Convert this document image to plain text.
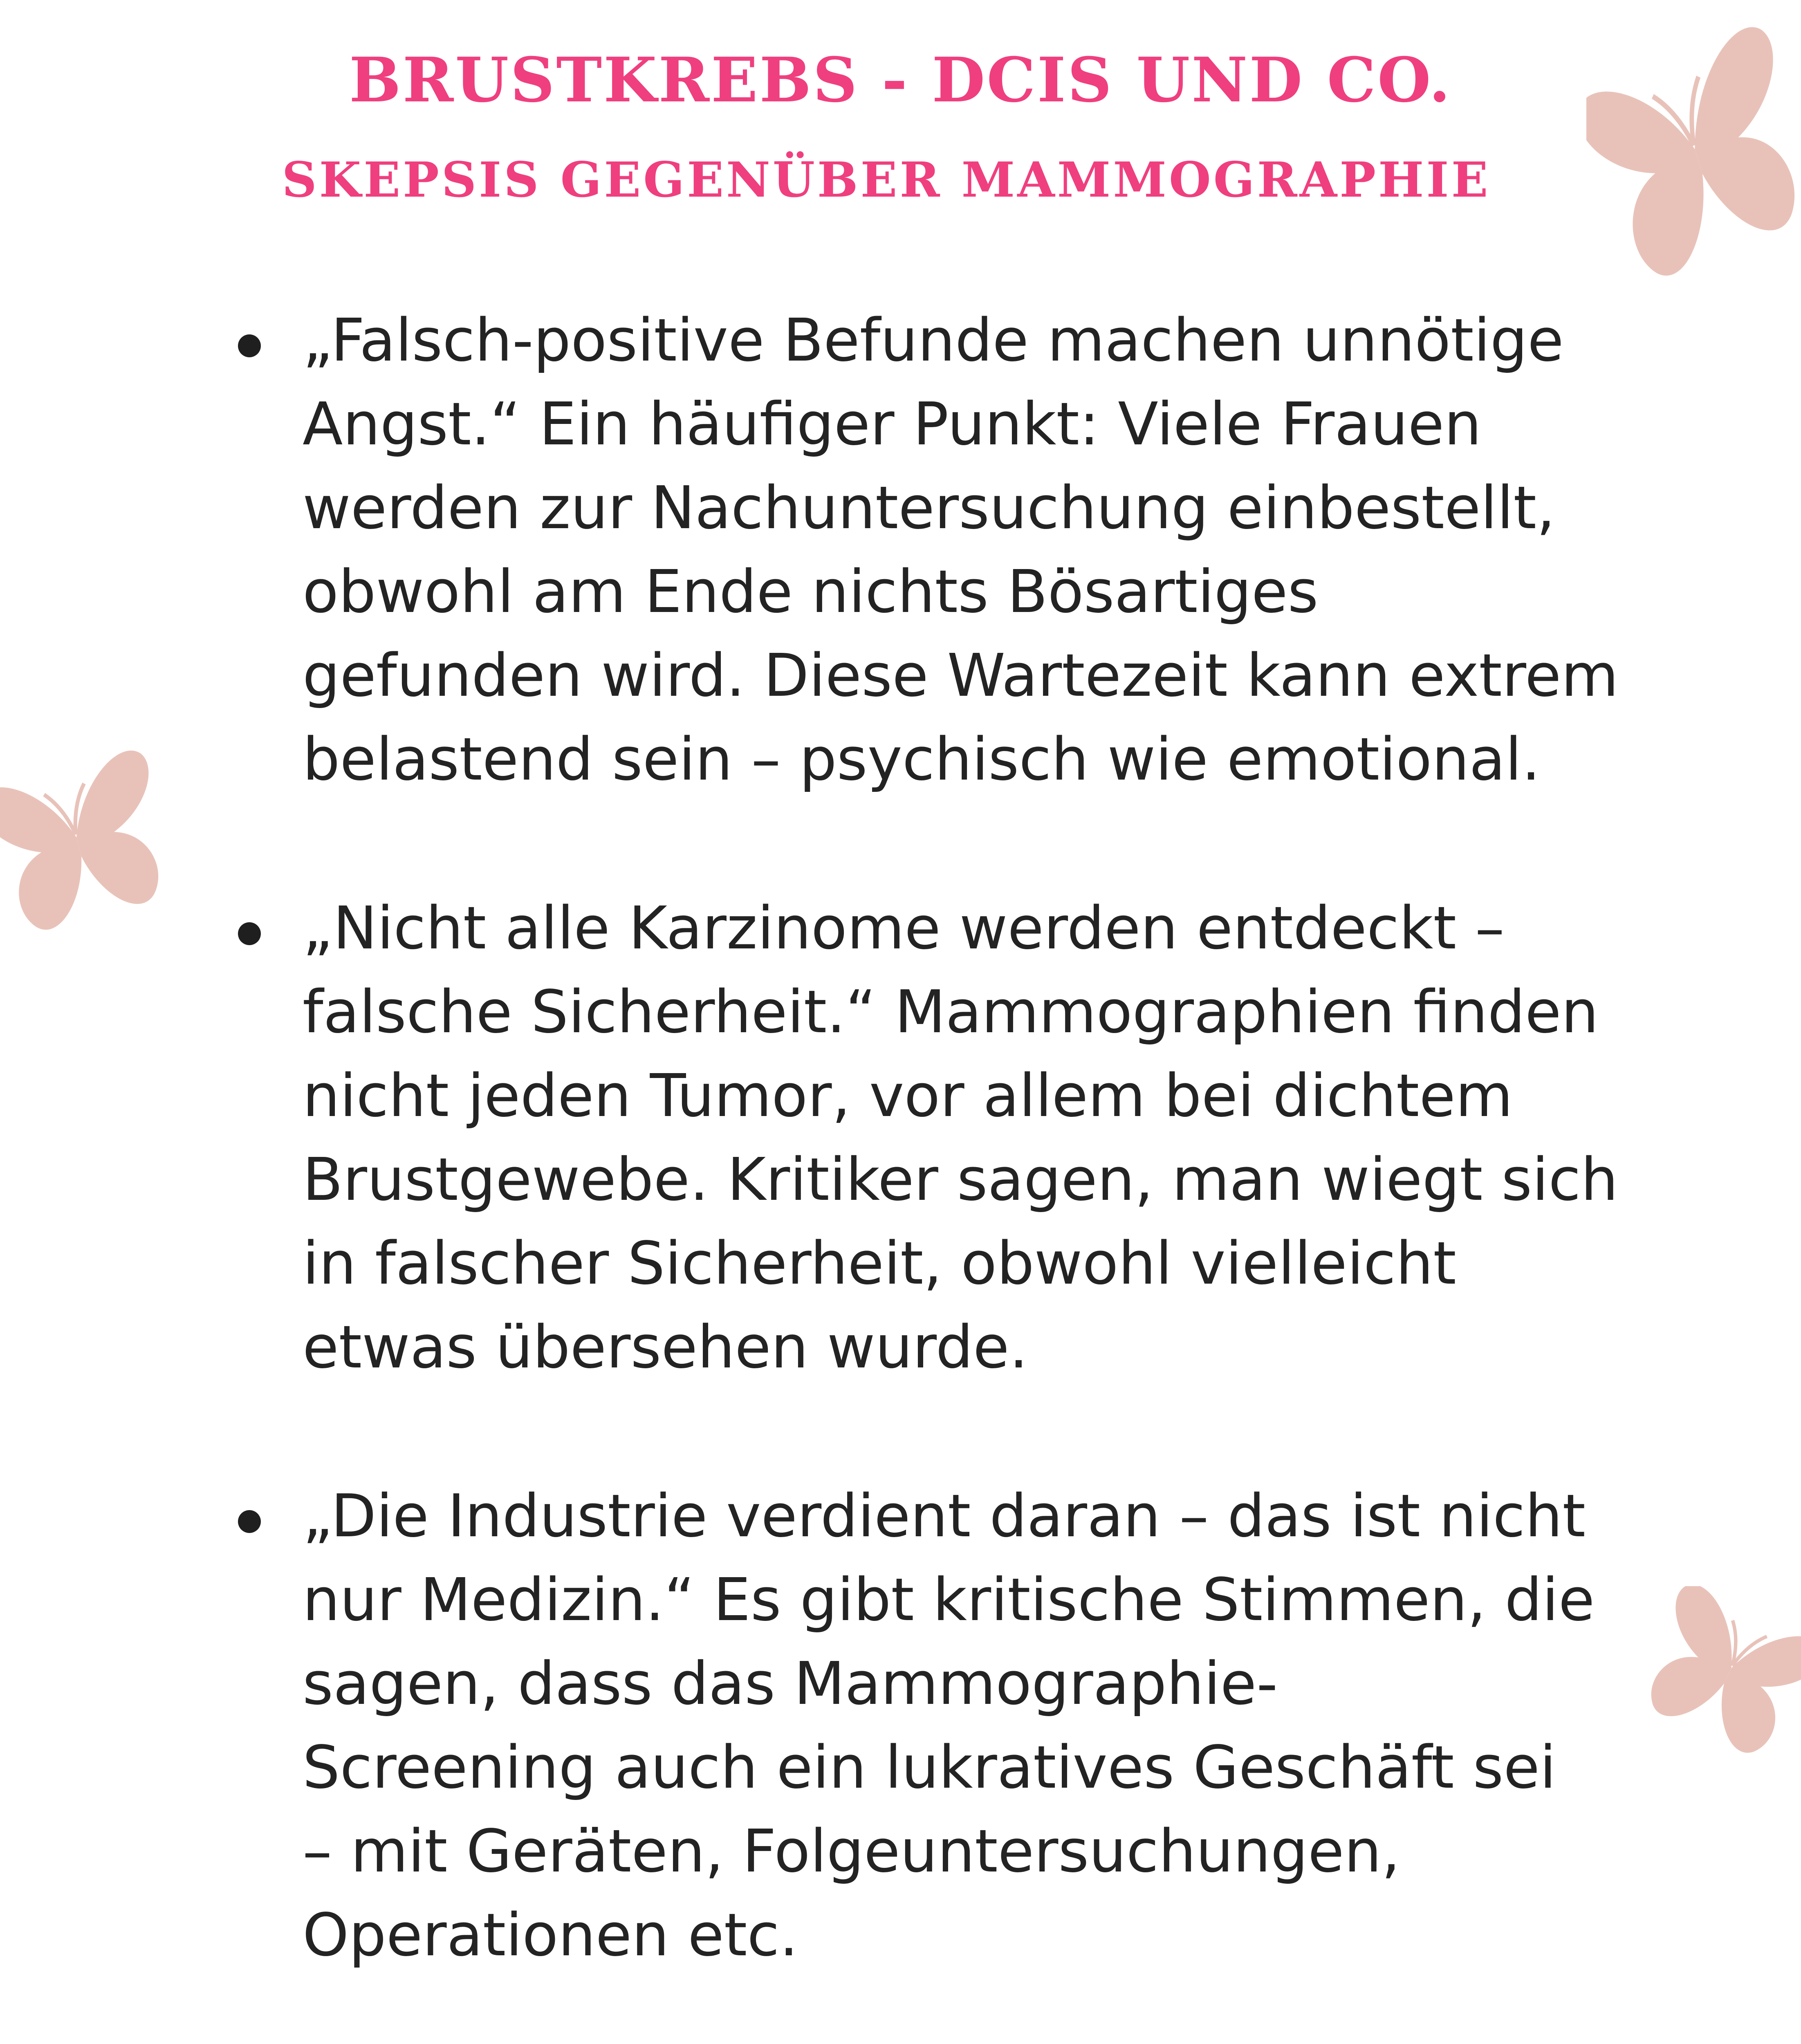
BRUSTKREBS - DCIS UND CO.
SKEPSIS GEGENÜBER MAMMOGRAPHIE
„Falsch-positive Befunde machen unnötige
Angst.“ Ein häufiger Punkt: Viele Frauen
werden zur Nachuntersuchung einbestellt,
obwohl am Ende nichts Bösartiges
gefunden wird. Diese Wartezeit kann extrem
belastend sein – psychisch wie emotional.
„Nicht alle Karzinome werden entdeckt –
falsche Sicherheit.“ Mammographien finden
nicht jeden Tumor, vor allem bei dichtem
Brustgewebe. Kritiker sagen, man wiegt sich
in falscher Sicherheit, obwohl vielleicht
etwas übersehen wurde.
„Die Industrie verdient daran – das ist nicht
nur Medizin.“ Es gibt kritische Stimmen, die
sagen, dass das Mammographie-
Screening auch ein lukratives Geschäft sei
– mit Geräten, Folgeuntersuchungen,
Operationen etc.
